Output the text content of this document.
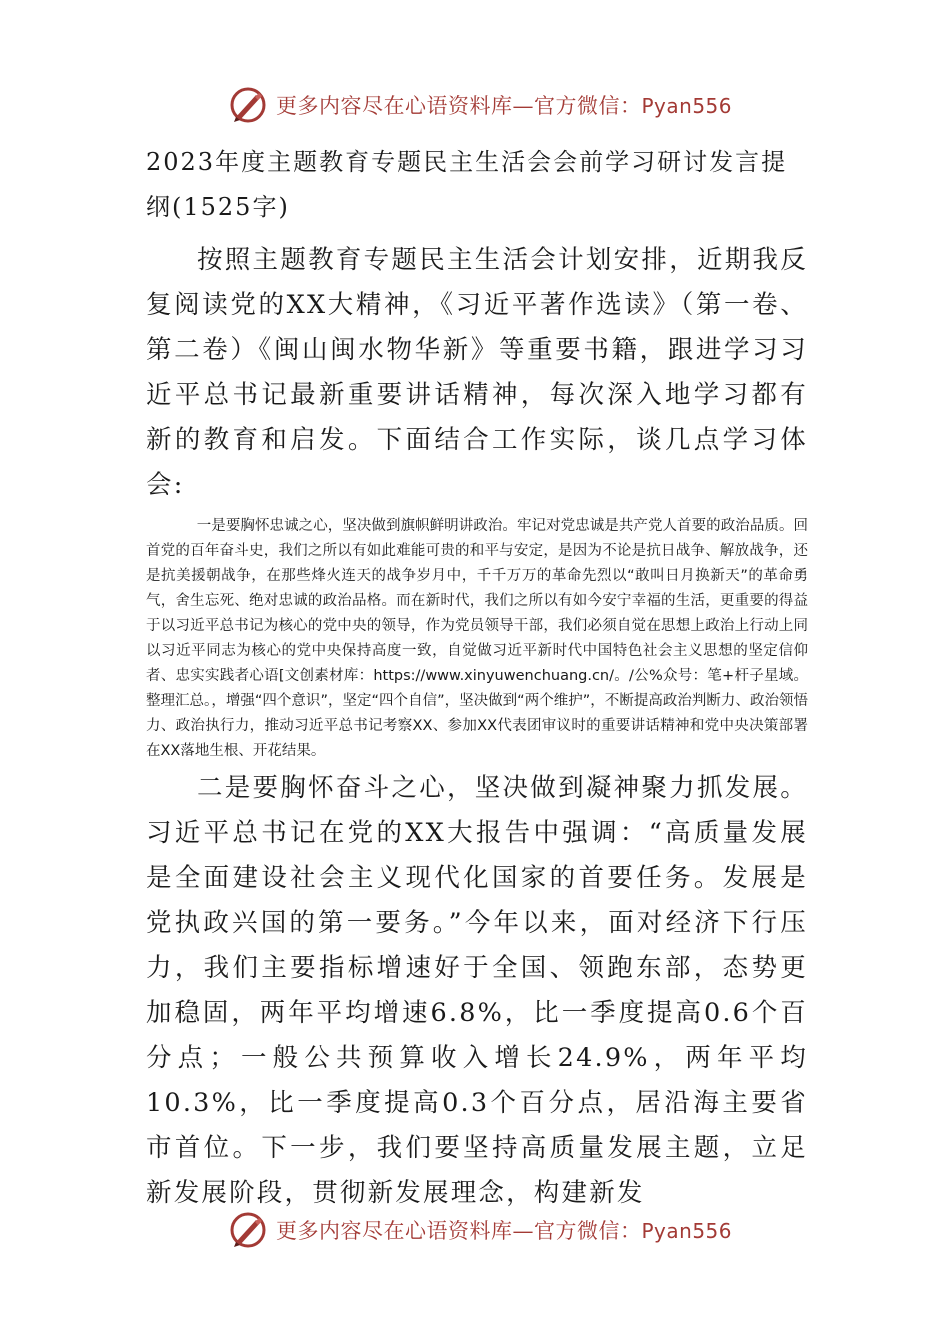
更多内容尽在心语资料库—官方微信：Pyan556

2023年度主题教育专题民主生活会会前学习研讨发言提纲(1525字)

按照主题教育专题民主生活会计划安排，近期我反复阅读党的XX大精神，《习近平著作选读》（第一卷、第二卷）《闽山闽水物华新》等重要书籍，跟进学习习近平总书记最新重要讲话精神，每次深入地学习都有新的教育和启发。下面结合工作实际，谈几点学习体会:

一是要胸怀忠诚之心，坚决做到旗帜鲜明讲政治。牢记对党忠诚是共产党人首要的政治品质。回首党的百年奋斗史，我们之所以有如此难能可贵的和平与安定，是因为不论是抗日战争、解放战争，还是抗美援朝战争，在那些烽火连天的战争岁月中，千千万万的革命先烈以“敢叫日月换新天”的革命勇气，舍生忘死、绝对忠诚的政治品格。而在新时代，我们之所以有如今安宁幸福的生活，更重要的得益于以习近平总书记为核心的党中央的领导，作为党员领导干部，我们必须自觉在思想上政治上行动上同以习近平同志为核心的党中央保持高度一致，自觉做习近平新时代中国特色社会主义思想的坚定信仰者、忠实实践者心语[文创素材库：https://www.xinyuwenchuang.cn/。/公%众号：笔+杆子星域。整理汇总。，增强“四个意识”，坚定“四个自信”，坚决做到“两个维护”，不断提高政治判断力、政治领悟力、政治执行力，推动习近平总书记考察XX、参加XX代表团审议时的重要讲话精神和党中央决策部署在XX落地生根、开花结果。

二是要胸怀奋斗之心，坚决做到凝神聚力抓发展。习近平总书记在党的XX大报告中强调：“高质量发展是全面建设社会主义现代化国家的首要任务。发展是党执政兴国的第一要务。”今年以来，面对经济下行压力，我们主要指标增速好于全国、领跑东部，态势更加稳固，两年平均增速6.8%，比一季度提高0.6个百分点；一般公共预算收入增长24.9%，两年平均10.3%，比一季度提高0.3个百分点，居沿海主要省市首位。下一步，我们要坚持高质量发展主题，立足新发展阶段，贯彻新发展理念，构建新发

更多内容尽在心语资料库—官方微信：Pyan556
